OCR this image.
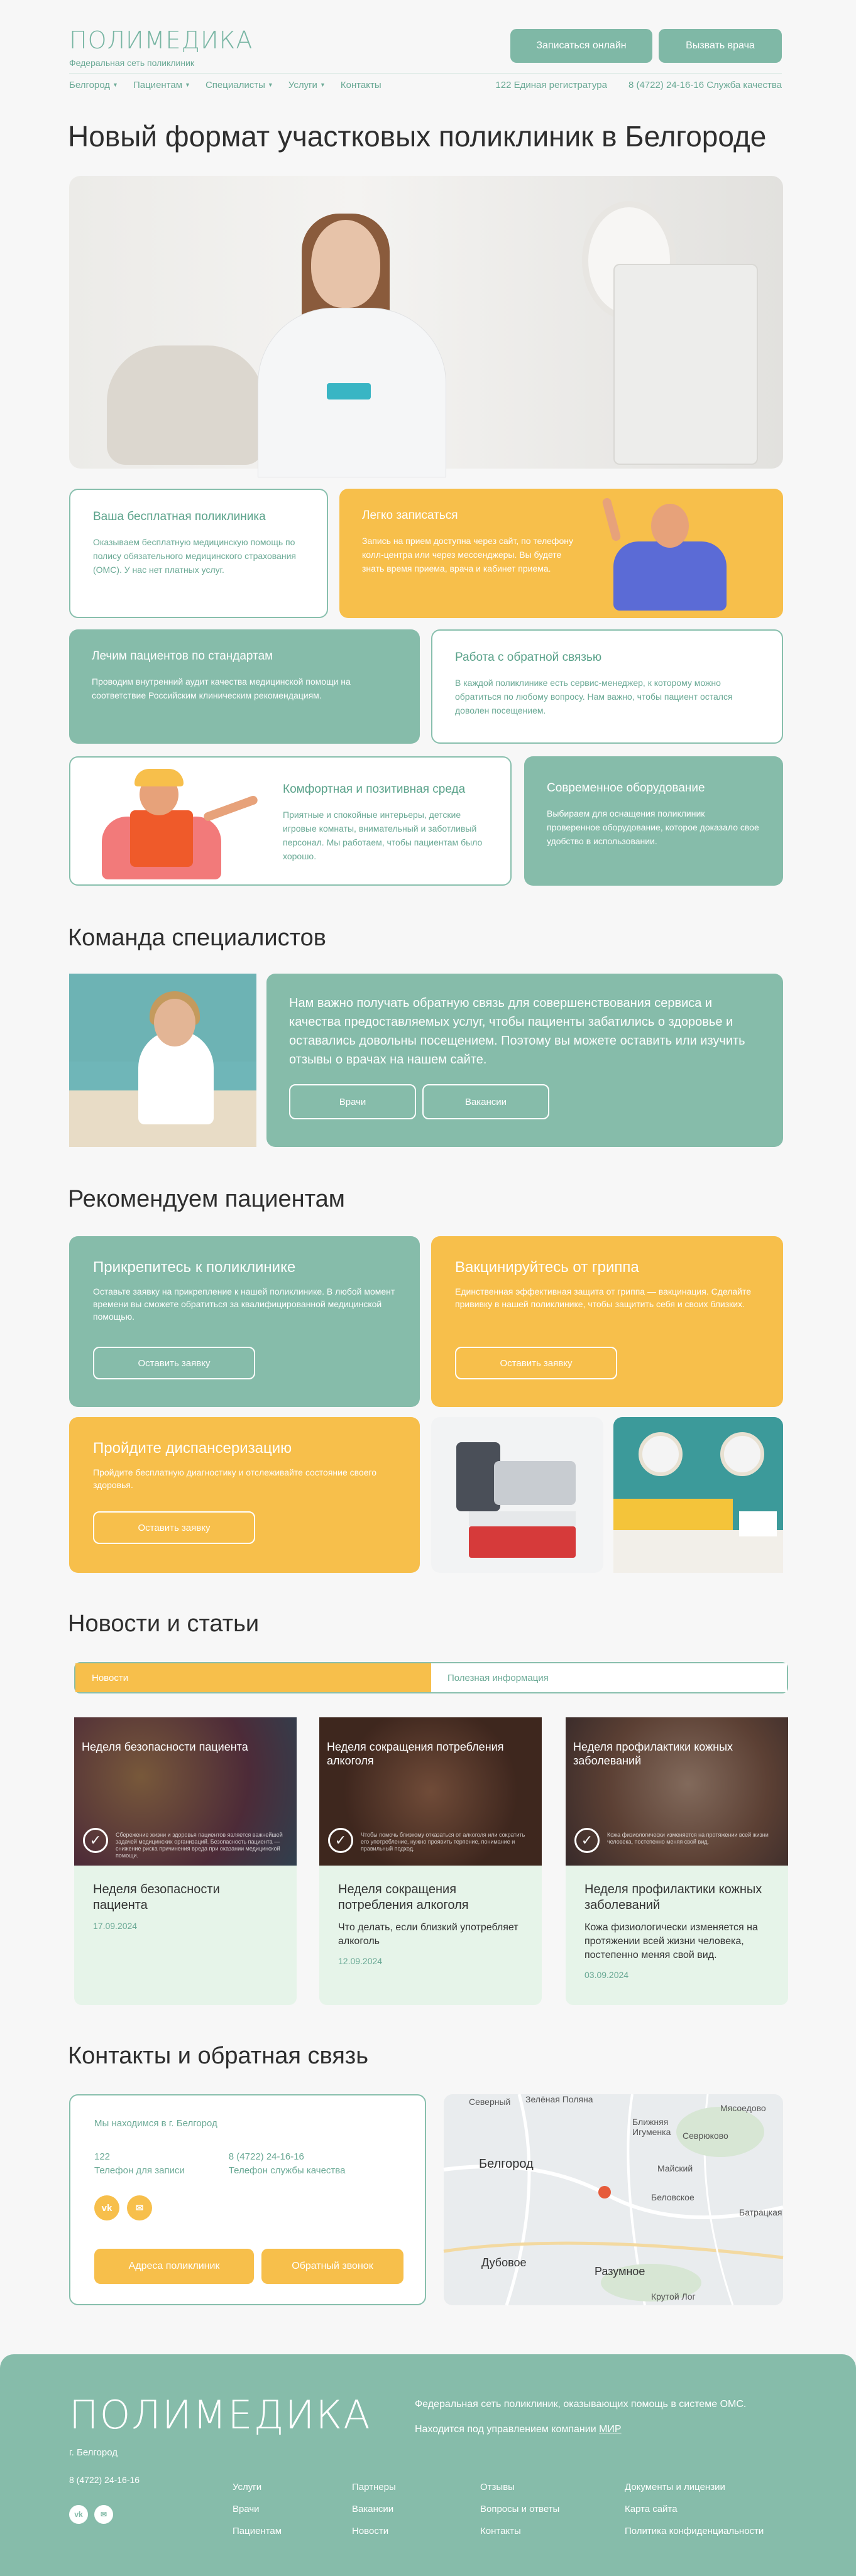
ПОЛИМЕДИКА
Федеральная сеть поликлиник
Записаться онлайн	Вызвать врача
Белгород ▼ Пациентам ▼ Специалисты ▼ Услуги ▼ Контакты	122 Единая регистратура 8 (4722) 24-16-16 Служба качества
Новый формат участковых поликлиник в Белгороде
Ваша бесплатная поликлиника
Оказываем бесплатную медицинскую помощь по полису обязательного медицинского страхования (ОМС). У нас нет платных услуг.
Легко записаться
Запись на прием доступна через сайт, по телефону колл-центра или через мессенджеры. Вы будете знать время приема, врача и кабинет приема.
Лечим пациентов по стандартам
Проводим внутренний аудит качества медицинской помощи на соответствие Российским клиническим рекомендациям.
Работа с обратной связью
В каждой поликлинике есть сервис-менеджер, к которому можно обратиться по любому вопросу. Нам важно, чтобы пациент остался доволен посещением.
Комфортная и позитивная среда
Приятные и спокойные интерьеры, детские игровые комнаты, внимательный и заботливый персонал. Мы работаем, чтобы пациентам было хорошо.
Современное оборудование
Выбираем для оснащения поликлиник проверенное оборудование, которое доказало свое удобство в использовании.
Команда специалистов
Нам важно получать обратную связь для совершенствования сервиса и качества предоставляемых услуг, чтобы пациенты забатились о здоровье и оставались довольны посещением. Поэтому вы можете оставить или изучить отзывы о врачах на нашем сайте.
Врачи	Вакансии
Рекомендуем пациентам
Прикрепитесь к поликлинике
Оставьте заявку на прикрепление к нашей поликлинике. В любой момент времени вы сможете обратиться за квалифицированной медицинской помощью.
Оставить заявку
Вакцинируйтесь от гриппа
Единственная эффективная защита от гриппа — вакцинация. Сделайте прививку в нашей поликлинике, чтобы защитить себя и своих близких.
Оставить заявку
Пройдите диспансеризацию
Пройдите бесплатную диагностику и отслеживайте состояние своего здоровья.
Оставить заявку
Новости и статьи
Новости	Полезная информация
Неделя безопасности пациента
✓	Сбережение жизни и здоровья пациентов является важнейшей задачей медицинских организаций. Безопасность пациента — снижение риска причинения вреда при оказании медицинской помощи.
Неделя безопасности пациента
17.09.2024
Неделя сокращения потребления алкоголя
✓	Чтобы помочь близкому отказаться от алкоголя или сократить его употребление, нужно проявить терпение, понимание и правильный подход.
Неделя сокращения потребления алкоголя
Что делать, если близкий употребляет алкоголь
12.09.2024
Неделя профилактики кожных заболеваний
✓	Кожа физиологически изменяется на протяжении всей жизни человека, постепенно меняя свой вид.
Неделя профилактики кожных заболеваний
Кожа физиологически изменяется на протяжении всей жизни человека, постепенно меняя свой вид.
03.09.2024
Контакты и обратная связь
Мы находимся в г. Белгород
122
Телефон для записи
8 (4722) 24-16-16
Телефон службы качества
vk	✉
Адреса поликлиник	Обратный звонок
Белгород
Дубовое
Разумное
Майский
Ближняя Игуменка	Севрюково
Мясоедово
Беловское
Батрацкая
Крутой Лог
Зелёная Поляна
Северный
ПОЛИМЕДИКА
г. Белгород
Федеральная сеть поликлиник, оказывающих помощь в системе ОМС.
Находится под управлением компании МИР
8 (4722) 24-16-16
vk	✉
Услуги
Врачи
Пациентам
Партнеры
Вакансии
Новости
Отзывы
Вопросы и ответы
Контакты
Документы и лицензии
Карта сайта
Политика конфиденциальности
